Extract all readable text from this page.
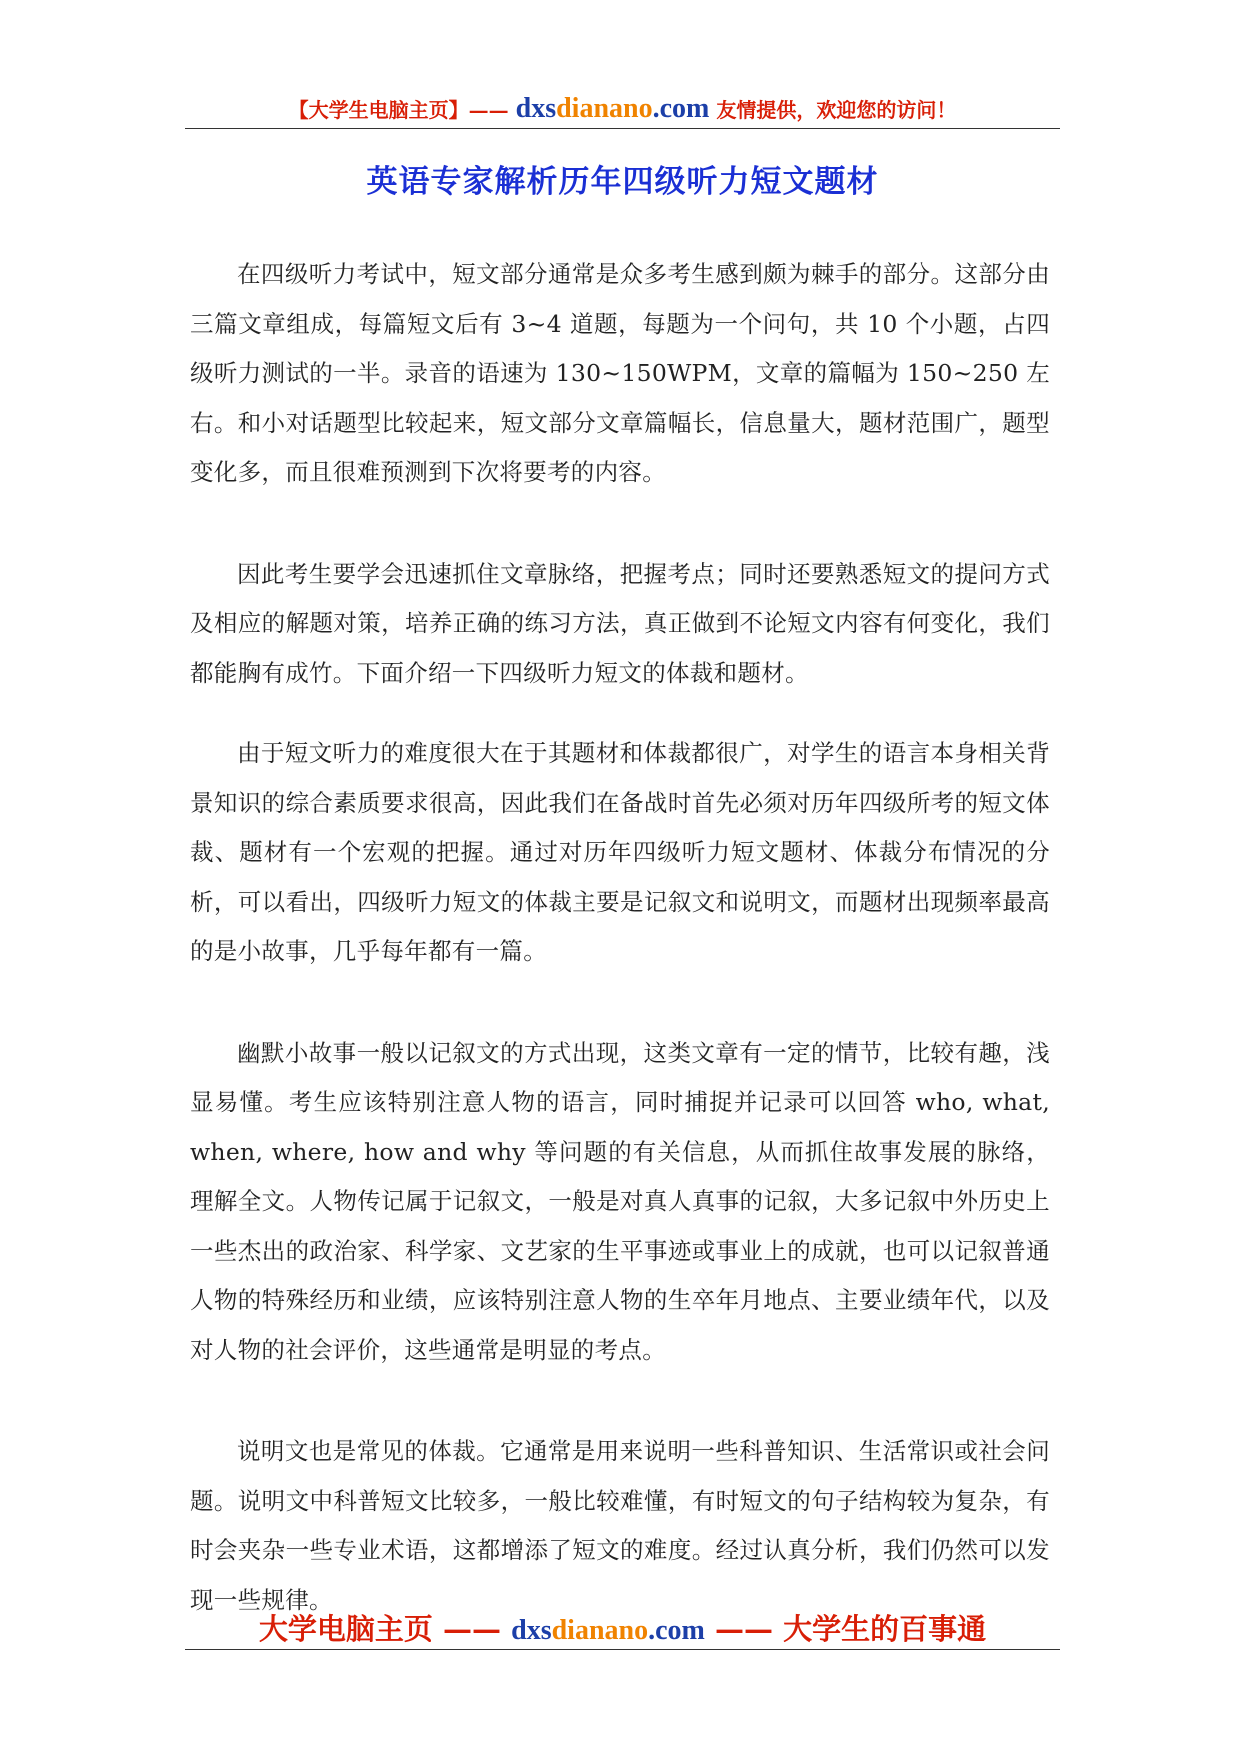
【大学生电脑主页】—— dxsdianano.com 友情提供，欢迎您的访问！
英语专家解析历年四级听力短文题材

在四级听力考试中，短文部分通常是众多考生感到颇为棘手的部分。这部分由三篇文章组成，每篇短文后有 3~4 道题，每题为一个问句，共 10 个小题，占四级听力测试的一半。录音的语速为 130~150WPM，文章的篇幅为 150~250 左右。和小对话题型比较起来，短文部分文章篇幅长，信息量大，题材范围广，题型变化多，而且很难预测到下次将要考的内容。

因此考生要学会迅速抓住文章脉络，把握考点；同时还要熟悉短文的提问方式及相应的解题对策，培养正确的练习方法，真正做到不论短文内容有何变化，我们都能胸有成竹。下面介绍一下四级听力短文的体裁和题材。

由于短文听力的难度很大在于其题材和体裁都很广，对学生的语言本身相关背景知识的综合素质要求很高，因此我们在备战时首先必须对历年四级所考的短文体裁、题材有一个宏观的把握。通过对历年四级听力短文题材、体裁分布情况的分析，可以看出，四级听力短文的体裁主要是记叙文和说明文，而题材出现频率最高的是小故事，几乎每年都有一篇。

幽默小故事一般以记叙文的方式出现，这类文章有一定的情节，比较有趣，浅显易懂。考生应该特别注意人物的语言，同时捕捉并记录可以回答 who, what, when, where, how and why 等问题的有关信息，从而抓住故事发展的脉络，理解全文。人物传记属于记叙文，一般是对真人真事的记叙，大多记叙中外历史上一些杰出的政治家、科学家、文艺家的生平事迹或事业上的成就，也可以记叙普通人物的特殊经历和业绩，应该特别注意人物的生卒年月地点、主要业绩年代，以及对人物的社会评价，这些通常是明显的考点。

说明文也是常见的体裁。它通常是用来说明一些科普知识、生活常识或社会问题。说明文中科普短文比较多，一般比较难懂，有时短文的句子结构较为复杂，有时会夹杂一些专业术语，这都增添了短文的难度。经过认真分析，我们仍然可以发现一些规律。

大学电脑主页 —— dxsdianano.com —— 大学生的百事通
